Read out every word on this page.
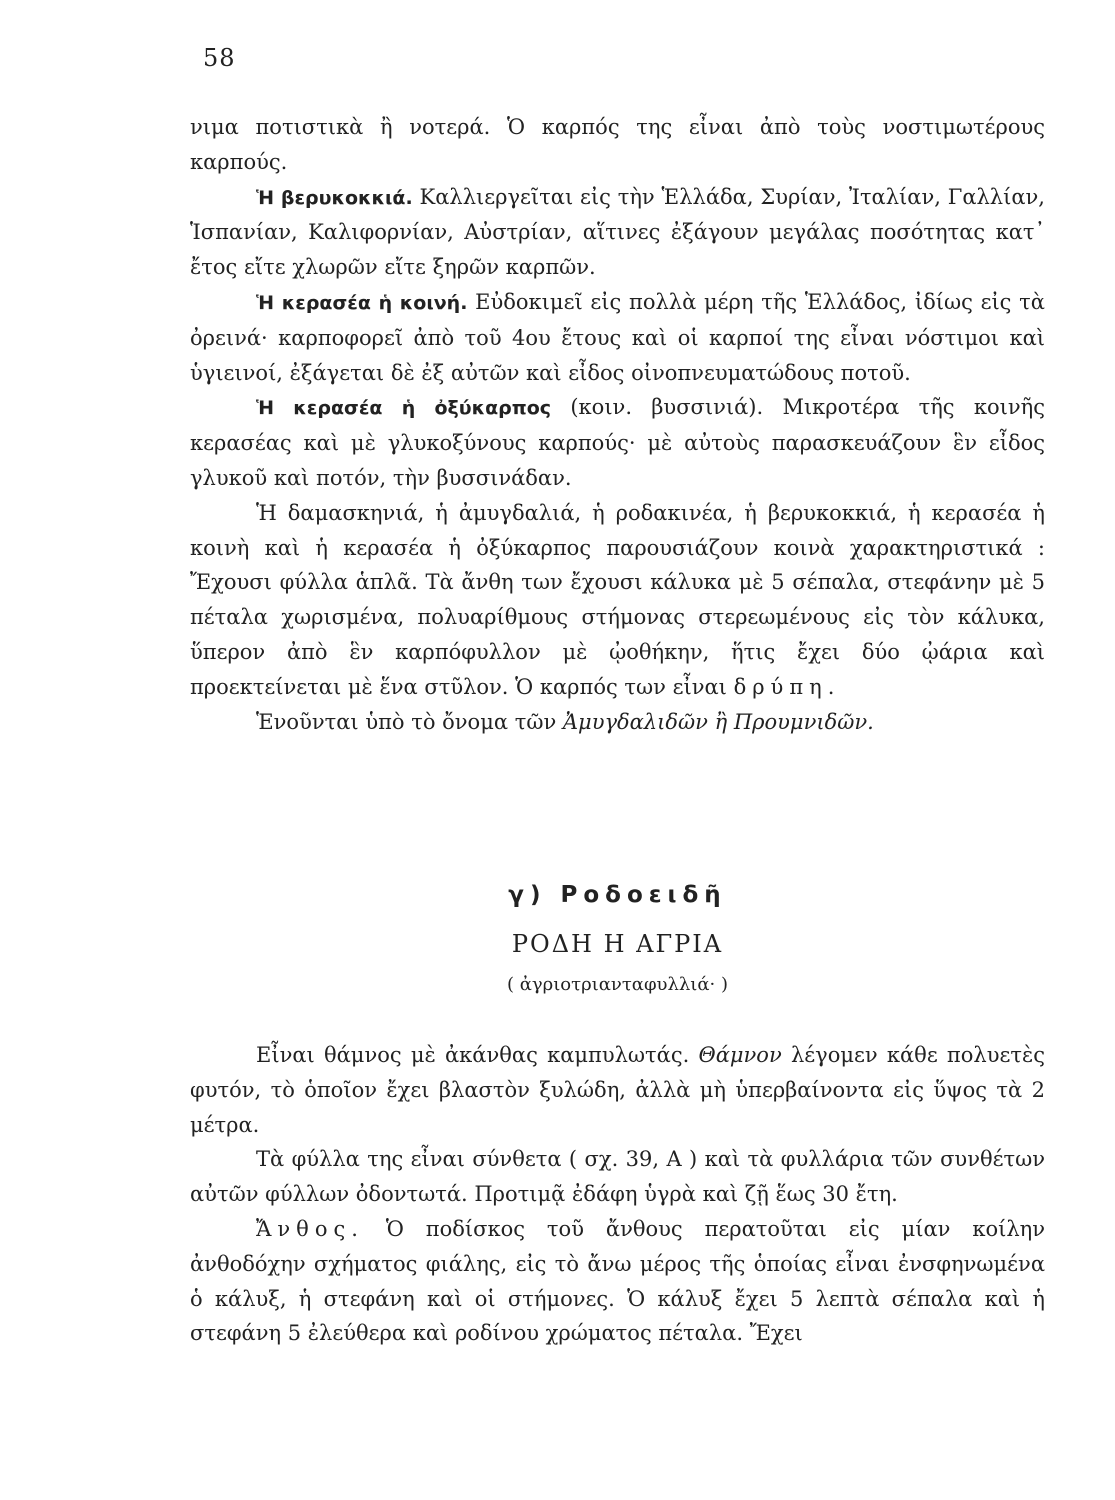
58

νιμα ποτιστικὰ ἢ νοτερά. Ὁ καρπός της εἶναι ἀπὸ τοὺς νοστιμωτέρους καρπούς.

Ἡ βερυκοκκιά. Καλλιεργεῖται εἰς τὴν Ἑλλάδα, Συρίαν, Ἰταλίαν, Γαλλίαν, Ἱσπανίαν, Καλιφορνίαν, Αὐστρίαν, αἵτινες ἐξάγουν μεγάλας ποσότητας κατ᾽ ἔτος εἴτε χλωρῶν εἴτε ξηρῶν καρπῶν.

Ἡ κερασέα ἡ κοινή. Εὐδοκιμεῖ εἰς πολλὰ μέρη τῆς Ἑλλάδος, ἰδίως εἰς τὰ ὀρεινά· καρποφορεῖ ἀπὸ τοῦ 4ου ἔτους καὶ οἱ καρποί της εἶναι νόστιμοι καὶ ὑγιεινοί, ἐξάγεται δὲ ἐξ αὐτῶν καὶ εἶδος οἰνοπνευματώδους ποτοῦ.

Ἡ κερασέα ἡ ὀξύκαρπος (κοιν. βυσσινιά). Μικροτέρα τῆς κοινῆς κερασέας καὶ μὲ γλυκοξύνους καρπούς· μὲ αὐτοὺς παρασκευάζουν ἓν εἶδος γλυκοῦ καὶ ποτόν, τὴν βυσσινάδαν.

Ἡ δαμασκηνιά, ἡ ἀμυγδαλιά, ἡ ροδακινέα, ἡ βερυκοκκιά, ἡ κερασέα ἡ κοινὴ καὶ ἡ κερασέα ἡ ὀξύκαρπος παρουσιάζουν κοινὰ χαρακτηριστικά : Ἔχουσι φύλλα ἁπλᾶ. Τὰ ἄνθη των ἔχουσι κάλυκα μὲ 5 σέπαλα, στεφάνην μὲ 5 πέταλα χωρισμένα, πολυαρίθμους στήμονας στερεωμένους εἰς τὸν κάλυκα, ὕπερον ἀπὸ ἓν καρπόφυλλον μὲ ᾠοθήκην, ἥτις ἔχει δύο ᾠάρια καὶ προεκτείνεται μὲ ἕνα στῦλον. Ὁ καρπός των εἶναι δρύπη.

Ἑνοῦνται ὑπὸ τὸ ὄνομα τῶν Ἀμυγδαλιδῶν ἢ Προυμνιδῶν.

γ) Ροδοειδῆ
ΡΟΔΗ Η ΑΓΡΙΑ
( ἀγριοτριανταφυλλιά· )

Εἶναι θάμνος μὲ ἀκάνθας καμπυλωτάς. Θάμνον λέγομεν κάθε πολυετὲς φυτόν, τὸ ὁποῖον ἔχει βλαστὸν ξυλώδη, ἀλλὰ μὴ ὑπερβαίνοντα εἰς ὕψος τὰ 2 μέτρα.

Τὰ φύλλα της εἶναι σύνθετα ( σχ. 39, Α ) καὶ τὰ φυλλάρια τῶν συνθέτων αὐτῶν φύλλων ὀδοντωτά. Προτιμᾷ ἐδάφη ὑγρὰ καὶ ζῇ ἕως 30 ἔτη.

Ἄνθος. Ὁ ποδίσκος τοῦ ἄνθους περατοῦται εἰς μίαν κοίλην ἀνθοδόχην σχήματος φιάλης, εἰς τὸ ἄνω μέρος τῆς ὁποίας εἶναι ἐνσφηνωμένα ὁ κάλυξ, ἡ στεφάνη καὶ οἱ στήμονες. Ὁ κάλυξ ἔχει 5 λεπτὰ σέπαλα καὶ ἡ στεφάνη 5 ἐλεύθερα καὶ ροδίνου χρώματος πέταλα. Ἔχει
